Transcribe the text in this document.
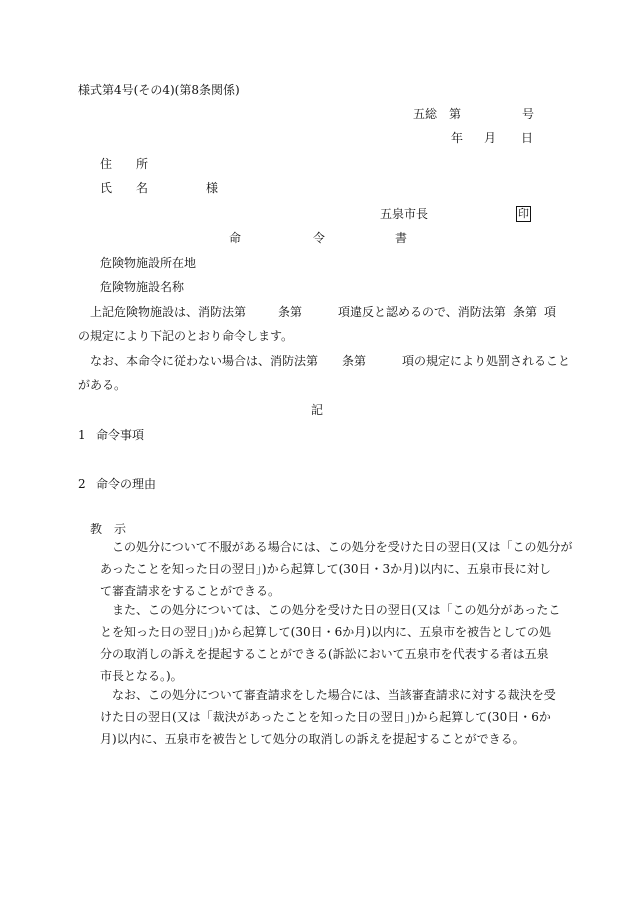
様式第4号(その4)(第8条関係)
五総 第	号
年 月 日
住　　所
氏　　名	様
五泉市長	印
命	令	書
危険物施設所在地
危険物施設名称
上記危険物施設は、消防法第	条第	項違反と認めるので、消防法第 条第 項
の規定により下記のとおり命令します。
なお、本命令に従わない場合は、消防法第 条第	項の規定により処罰されること
がある。
記
1 命令事項
2 命令の理由
教　示
この処分について不服がある場合には、この処分を受けた日の翌日(又は「この処分が
あったことを知った日の翌日」)から起算して(30日・3か月)以内に、五泉市長に対し
て審査請求をすることができる。
また、この処分については、この処分を受けた日の翌日(又は「この処分があったこ
とを知った日の翌日」)から起算して(30日・6か月)以内に、五泉市を被告としての処
分の取消しの訴えを提起することができる(訴訟において五泉市を代表する者は五泉
市長となる。)。
なお、この処分について審査請求をした場合には、当該審査請求に対する裁決を受
けた日の翌日(又は「裁決があったことを知った日の翌日」)から起算して(30日・6か
月)以内に、五泉市を被告として処分の取消しの訴えを提起することができる。
